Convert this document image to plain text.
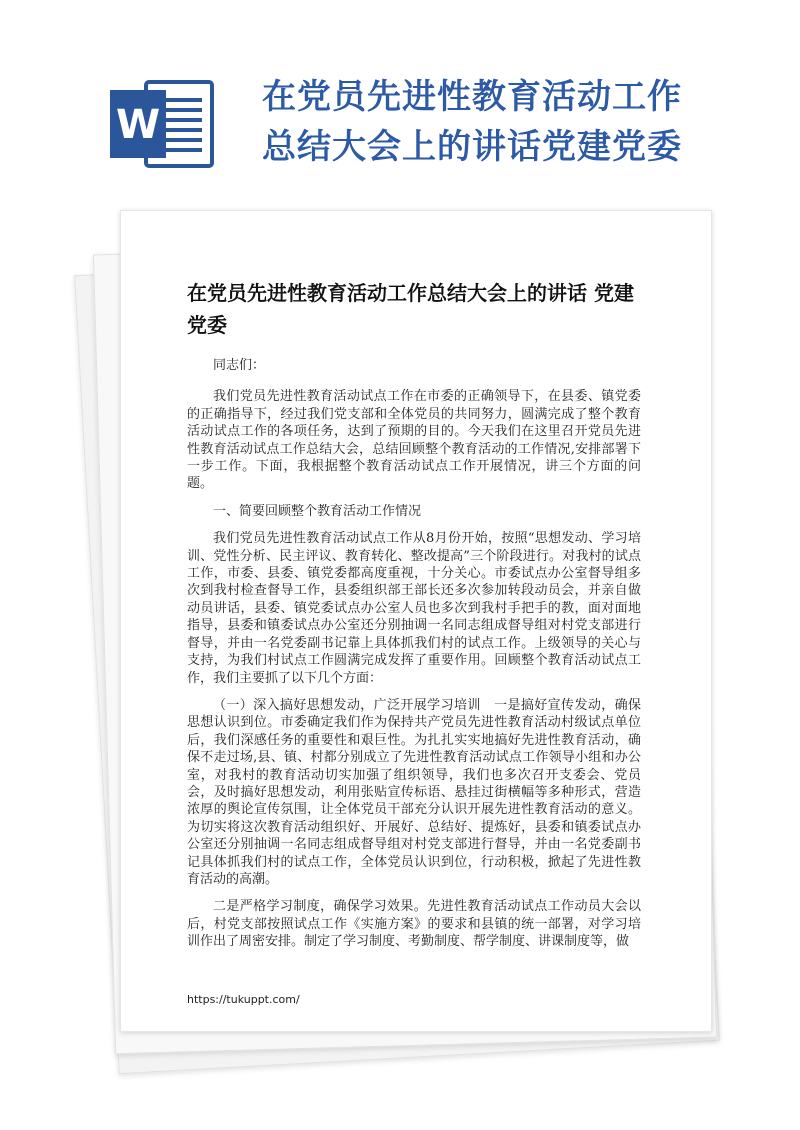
W
在党员先进性教育活动工作总结大会上的讲话党建党委
在党员先进性教育活动工作总结大会上的讲话 党建党委

同志们：

我们党员先进性教育活动试点工作在市委的正确领导下，在县委、镇党委的正确指导下，经过我们党支部和全体党员的共同努力，圆满完成了整个教育活动试点工作的各项任务，达到了预期的目的。今天我们在这里召开党员先进性教育活动试点工作总结大会，总结回顾整个教育活动的工作情况,安排部署下一步工作。下面，我根据整个教育活动试点工作开展情况，讲三个方面的问题。

一、简要回顾整个教育活动工作情况

我们党员先进性教育活动试点工作从8月份开始，按照“思想发动、学习培训、党性分析、民主评议、教育转化、整改提高”三个阶段进行。对我村的试点工作，市委、县委、镇党委都高度重视，十分关心。市委试点办公室督导组多次到我村检查督导工作，县委组织部王部长还多次参加转段动员会，并亲自做动员讲话，县委、镇党委试点办公室人员也多次到我村手把手的教，面对面地指导，县委和镇委试点办公室还分别抽调一名同志组成督导组对村党支部进行督导，并由一名党委副书记靠上具体抓我们村的试点工作。上级领导的关心与支持，为我们村试点工作圆满完成发挥了重要作用。回顾整个教育活动试点工作，我们主要抓了以下几个方面：

（一）深入搞好思想发动，广泛开展学习培训　一是搞好宣传发动，确保思想认识到位。市委确定我们作为保持共产党员先进性教育活动村级试点单位后，我们深感任务的重要性和艰巨性。为扎扎实实地搞好先进性教育活动，确保不走过场,县、镇、村都分别成立了先进性教育活动试点工作领导小组和办公室，对我村的教育活动切实加强了组织领导，我们也多次召开支委会、党员会，及时搞好思想发动，利用张贴宣传标语、悬挂过街横幅等多种形式，营造浓厚的舆论宣传氛围，让全体党员干部充分认识开展先进性教育活动的意义。为切实将这次教育活动组织好、开展好、总结好、提炼好，县委和镇委试点办公室还分别抽调一名同志组成督导组对村党支部进行督导，并由一名党委副书记具体抓我们村的试点工作，全体党员认识到位，行动积极，掀起了先进性教育活动的高潮。

二是严格学习制度，确保学习效果。先进性教育活动试点工作动员大会以后，村党支部按照试点工作《实施方案》的要求和县镇的统一部署，对学习培训作出了周密安排。制定了学习制度、考勤制度、帮学制度、讲课制度等，做

https://tukuppt.com/
